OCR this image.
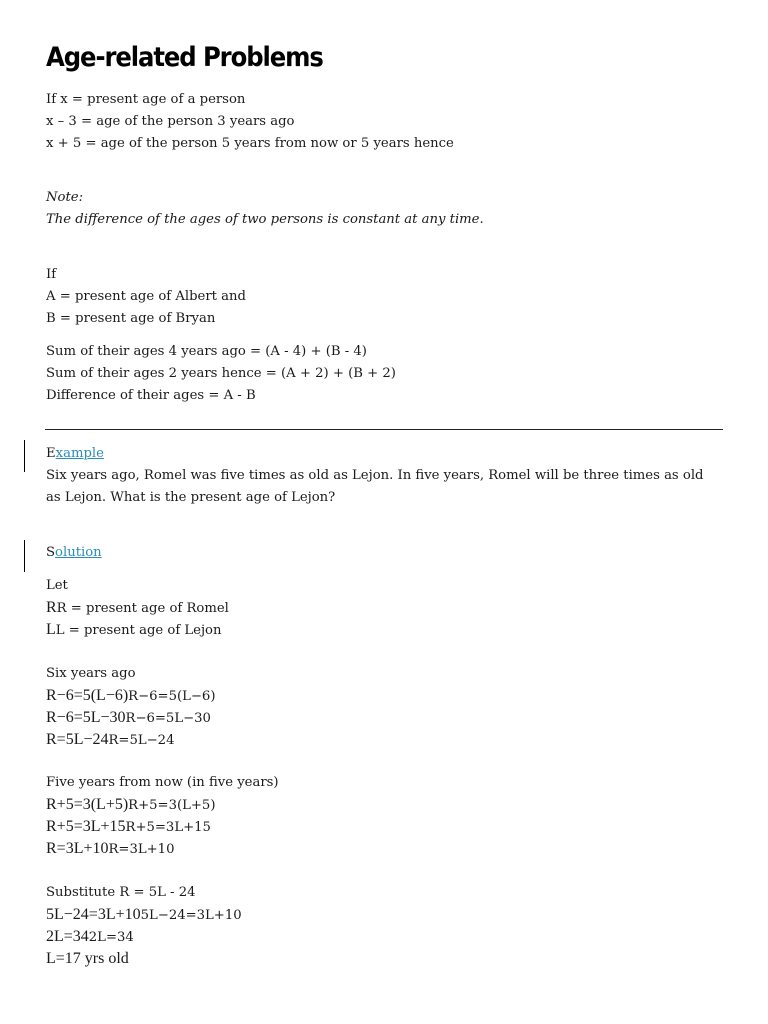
Age-related Problems
If x = present age of a person
x – 3 = age of the person 3 years ago
x + 5 = age of the person 5 years from now or 5 years hence
Note:
The difference of the ages of two persons is constant at any time.
If
A = present age of Albert and
B = present age of Bryan
Sum of their ages 4 years ago = (A - 4) + (B - 4)
Sum of their ages 2 years hence = (A + 2) + (B + 2)
Difference of their ages = A - B
Example
Six years ago, Romel was five times as old as Lejon. In five years, Romel will be three times as old as Lejon. What is the present age of Lejon?
Solution
Let
RR = present age of Romel
LL = present age of Lejon
Six years ago
R−6=5(L−6)R−6=5(L−6)
R−6=5L−30R−6=5L−30
R=5L−24R=5L−24
Five years from now (in five years)
R+5=3(L+5)R+5=3(L+5)
R+5=3L+15R+5=3L+15
R=3L+10R=3L+10
Substitute R = 5L - 24
5L−24=3L+105L−24=3L+10
2L=342L=34
L=17 yrs old
